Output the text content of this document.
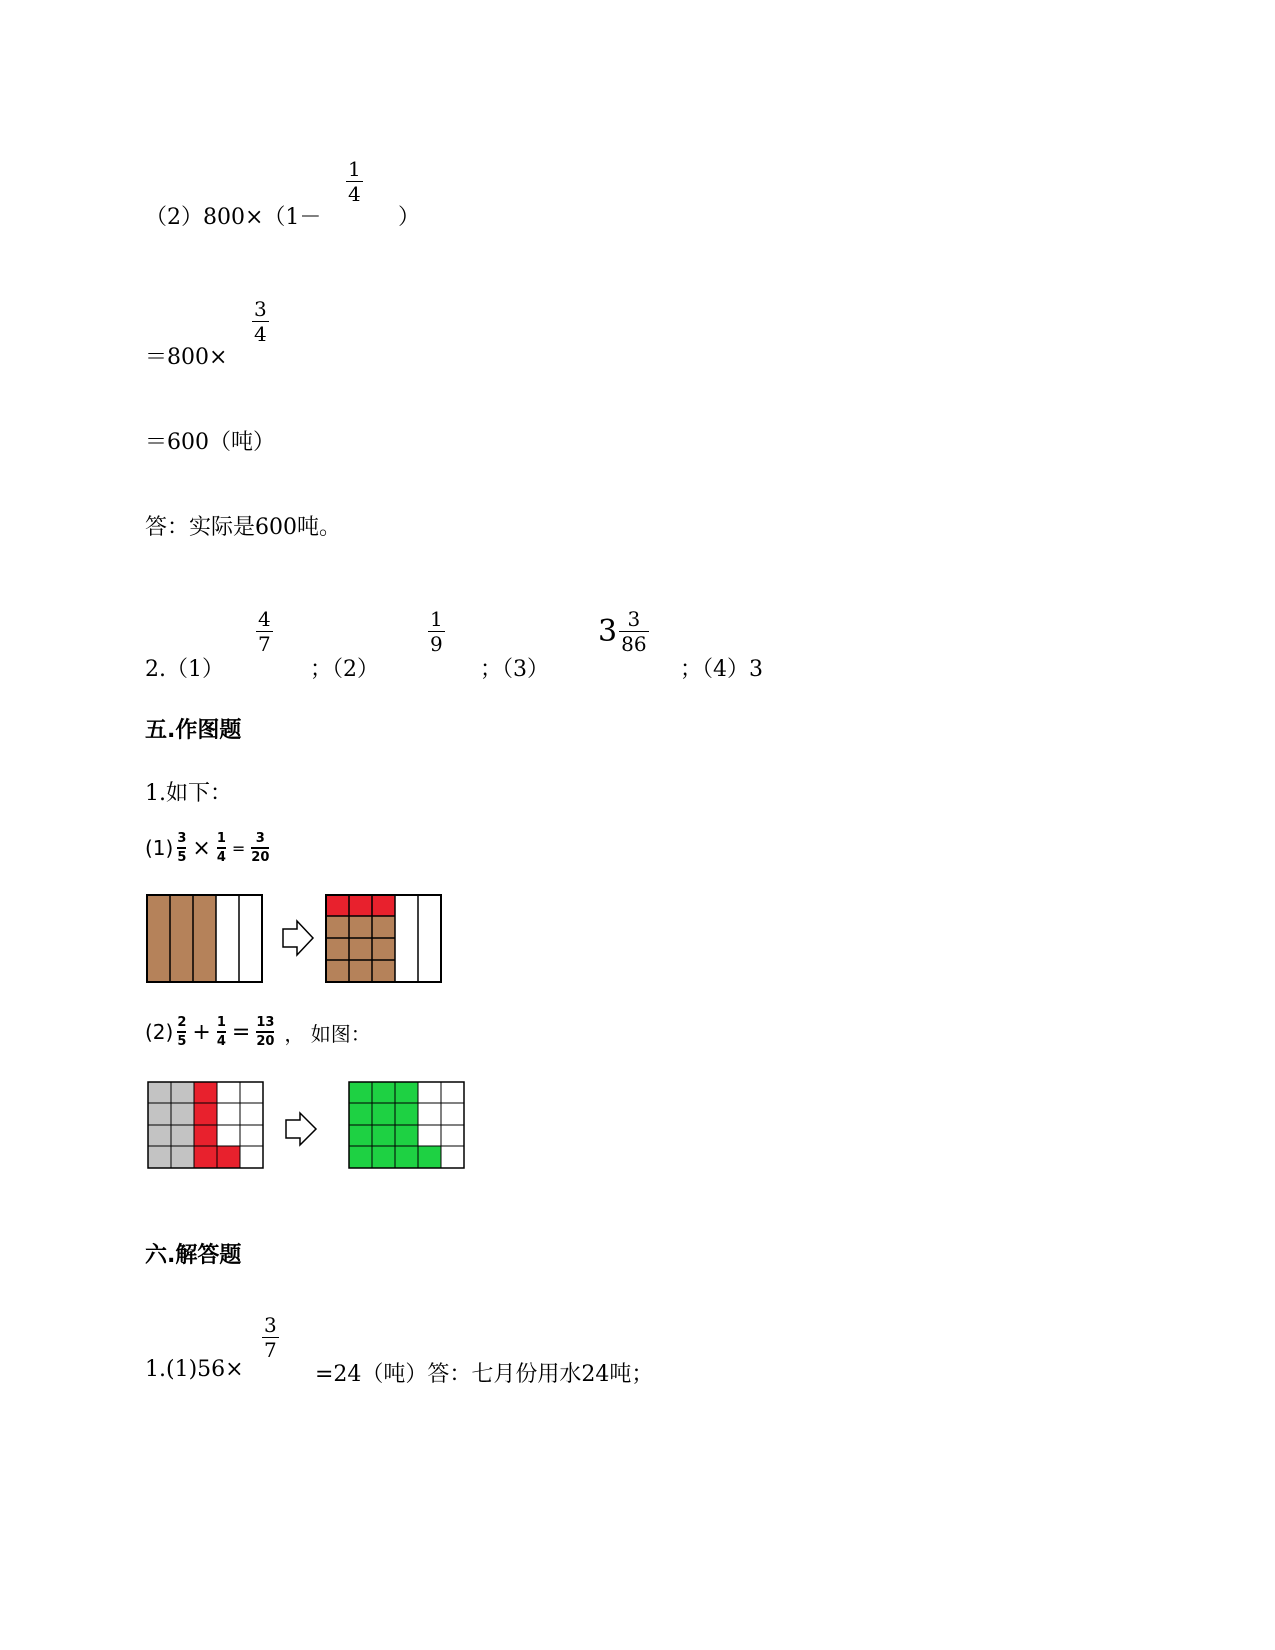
（2）800×（1－
1
4
）
＝800×
3
4
＝600（吨）
答：实际是600吨。
2.（1）
4
7
；（2）
1
9
；（3）
$3 \frac{3}{86}$
；（4）3
五.作图题
1.如下：
$(1) \frac{3}{5} \times \frac{1}{4} = \frac{3}{20}$
$(2) \frac{2}{5} + \frac{1}{4} = \frac{13}{20}$ ， 如图：
六.解答题
1.(1)56×
3
7
=24（吨）答：七月份用水24吨；
